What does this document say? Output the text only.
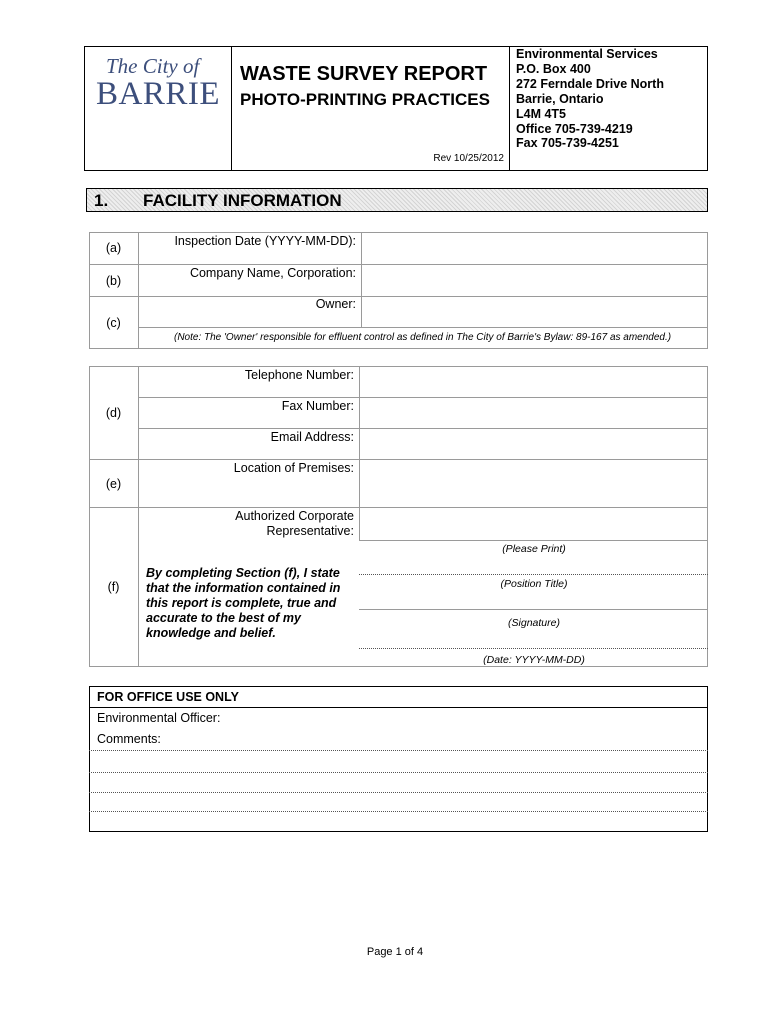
The City of
BARRIE
WASTE SURVEY REPORT
PHOTO-PRINTING PRACTICES
Rev 10/25/2012
Environmental Services
P.O. Box 400
272 Ferndale Drive North
Barrie, Ontario
L4M 4T5
Office 705-739-4219
Fax 705-739-4251
1. FACILITY INFORMATION
(a)
(b)
(c)
Inspection Date (YYYY-MM-DD):
Company Name, Corporation:
Owner:
(Note: The 'Owner' responsible for effluent control as defined in The City of Barrie's Bylaw: 89-167 as amended.)
(d)
(e)
(f)
Telephone Number:
Fax Number:
Email Address:
Location of Premises:
Authorized Corporate
Representative:
By completing Section (f), I state that the information contained in this report is complete, true and accurate to the best of my knowledge and belief.
(Please Print)
(Position Title)
(Signature)
(Date: YYYY-MM-DD)
FOR OFFICE USE ONLY
Environmental Officer:
Comments:
Page 1 of 4
